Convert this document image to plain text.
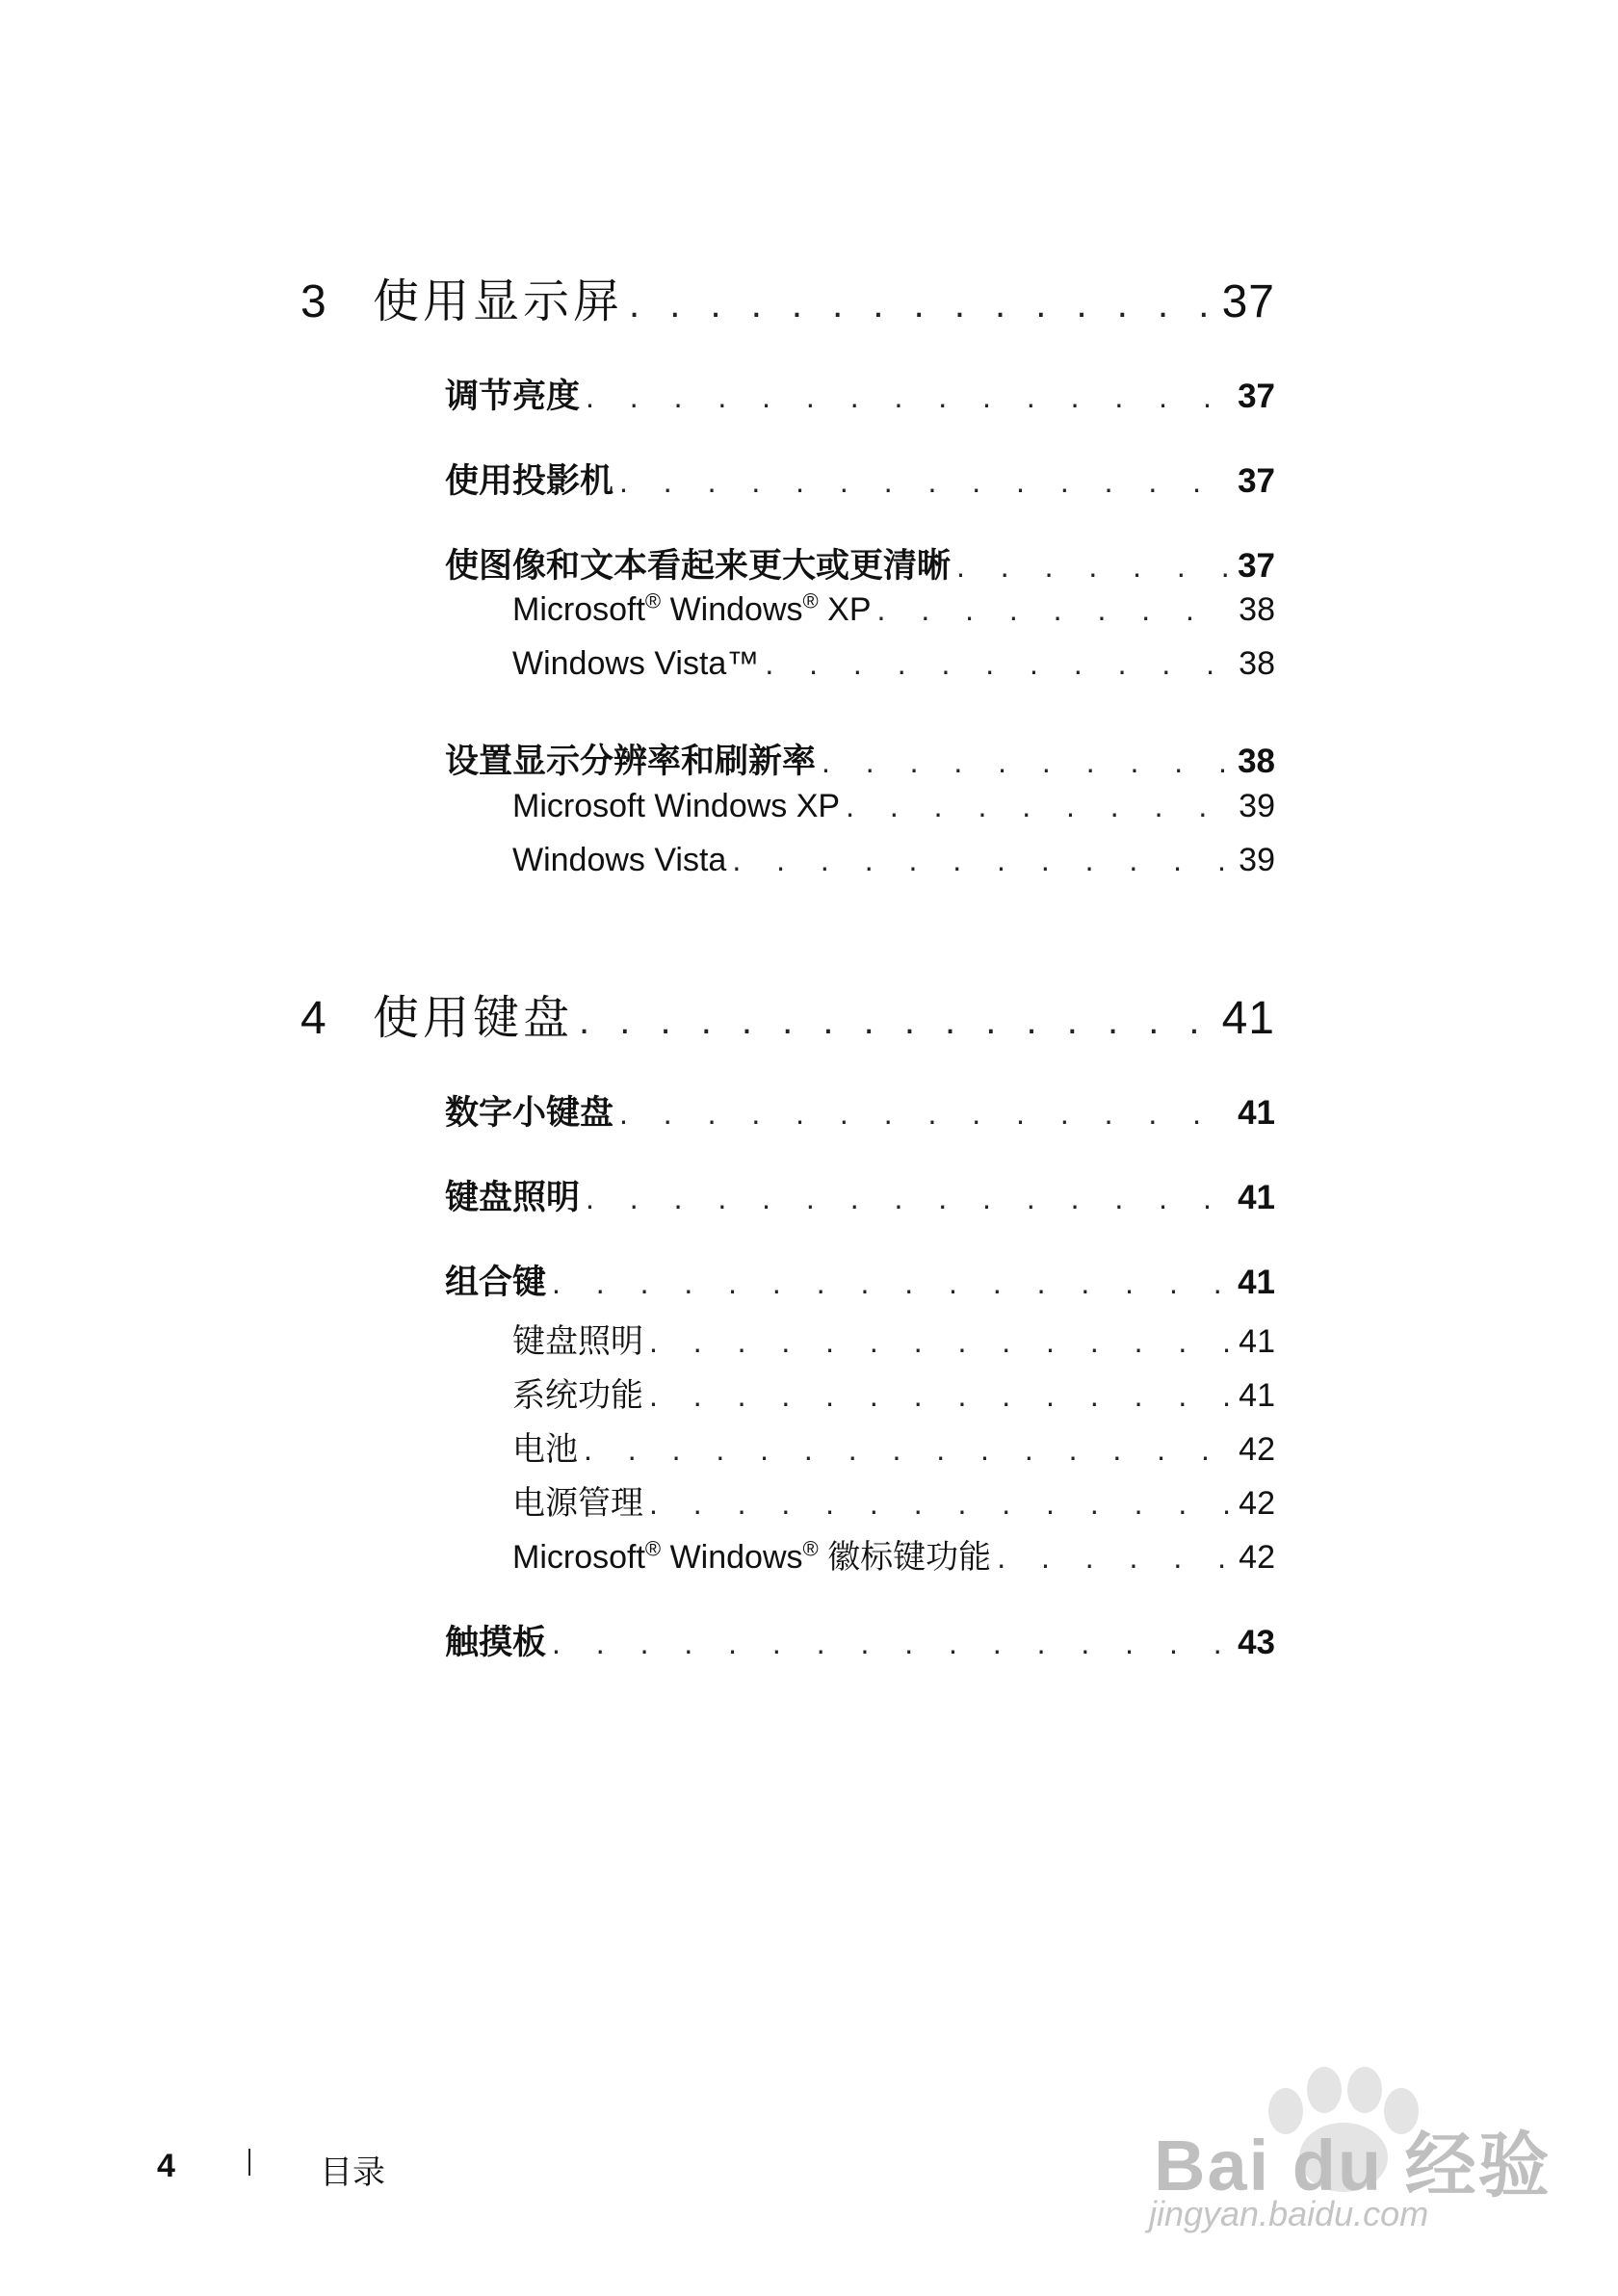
3 使用显示屏 . . .	37
调节亮度 . . .	37
使用投影机 . . .	37
使图像和文本看起来更大或更清晰 . . .	37
Microsoft® Windows® XP . . .	38
Windows Vista™ . . .	38
设置显示分辨率和刷新率 . . .	38
Microsoft Windows XP . . .	39
Windows Vista . . .	39
4 使用键盘 . . .	41
数字小键盘 . . .	41
键盘照明 . . .	41
组合键 . . .	41
键盘照明 . . .	41
系统功能 . . .	41
电池 . . .	42
电源管理 . . .	42
Microsoft® Windows® 徽标键功能 . . .	42
触摸板 . . .	43
4	目录	Bai du 经验
jingyan.baidu.com
